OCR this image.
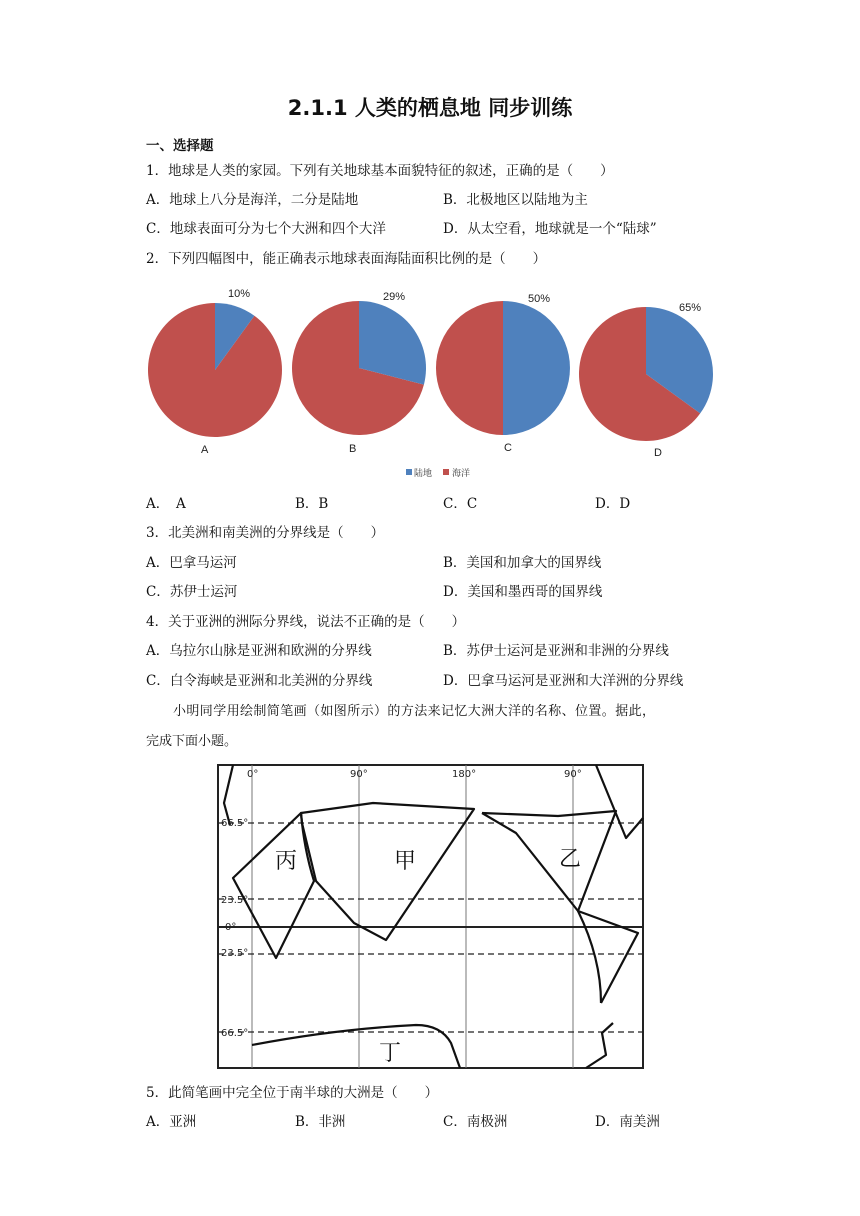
2.1.1 人类的栖息地 同步训练
一、选择题
1．地球是人类的家园。下列有关地球基本面貌特征的叙述，正确的是（　　）
A．地球上八分是海洋，二分是陆地	B．北极地区以陆地为主
C．地球表面可分为七个大洲和四个大洋	D．从太空看，地球就是一个“陆球”
2．下列四幅图中，能正确表示地球表面海陆面积比例的是（　　）
10%
A
29%
B
50%
C
65%
D
陆地 海洋
A．　A	B．B	C．C	D．D
3．北美洲和南美洲的分界线是（　　）
A．巴拿马运河	B．美国和加拿大的国界线
C．苏伊士运河	D．美国和墨西哥的国界线
4．关于亚洲的洲际分界线，说法不正确的是（　　）
A．乌拉尔山脉是亚洲和欧洲的分界线	B．苏伊士运河是亚洲和非洲的分界线
C．白令海峡是亚洲和北美洲的分界线	D．巴拿马运河是亚洲和大洋洲的分界线
小明同学用绘制简笔画（如图所示）的方法来记忆大洲大洋的名称、位置。据此，
完成下面小题。
0°	90°	180°	90°
66.5°
23.5°
0°
23.5°
66.5°
丙	甲	乙
丁
5．此简笔画中完全位于南半球的大洲是（　　）
A．亚洲	B．非洲	C．南极洲	D．南美洲
